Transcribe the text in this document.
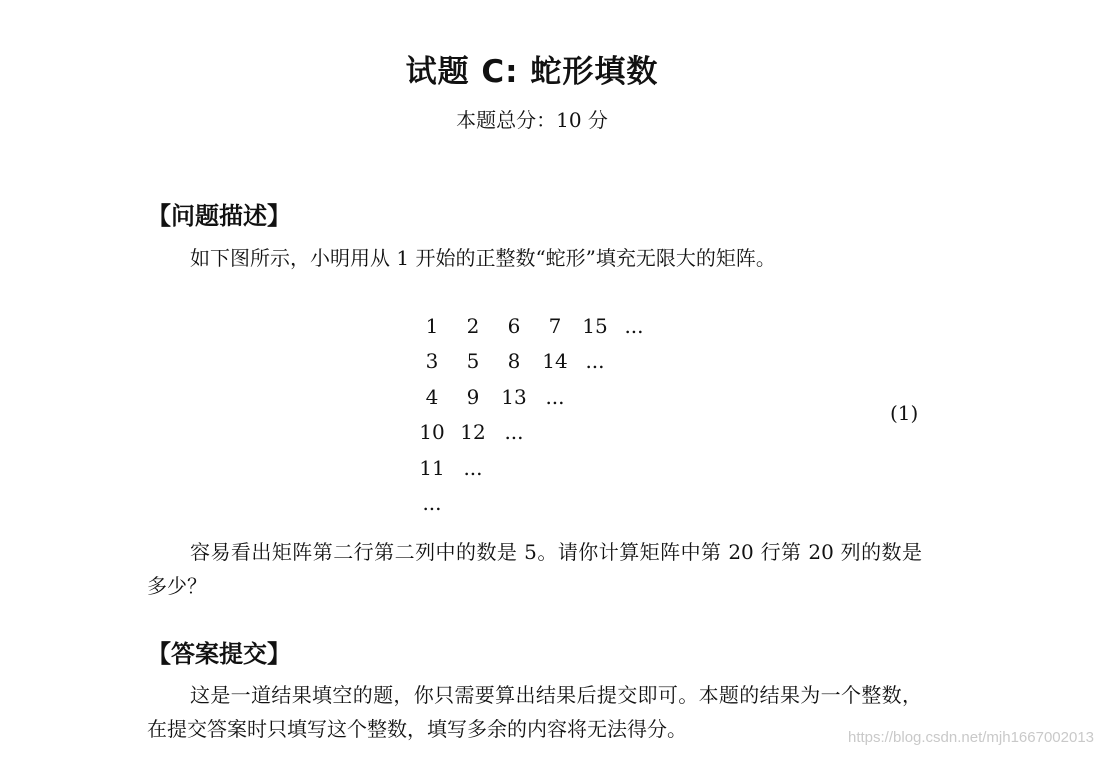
试题 C: 蛇形填数
本题总分：10 分
【问题描述】
如下图所示，小明用从 1 开始的正整数“蛇形”填充无限大的矩阵。
1	2	6	7	15 ...
3	5	8	14 ...
4	9	13 ...
10 12 ...
11 ...
...
(1)
容易看出矩阵第二行第二列中的数是 5。请你计算矩阵中第 20 行第 20 列的数是多少？
【答案提交】
这是一道结果填空的题，你只需要算出结果后提交即可。本题的结果为一个整数，在提交答案时只填写这个整数，填写多余的内容将无法得分。	https://blog.csdn.net/mjh1667002013
